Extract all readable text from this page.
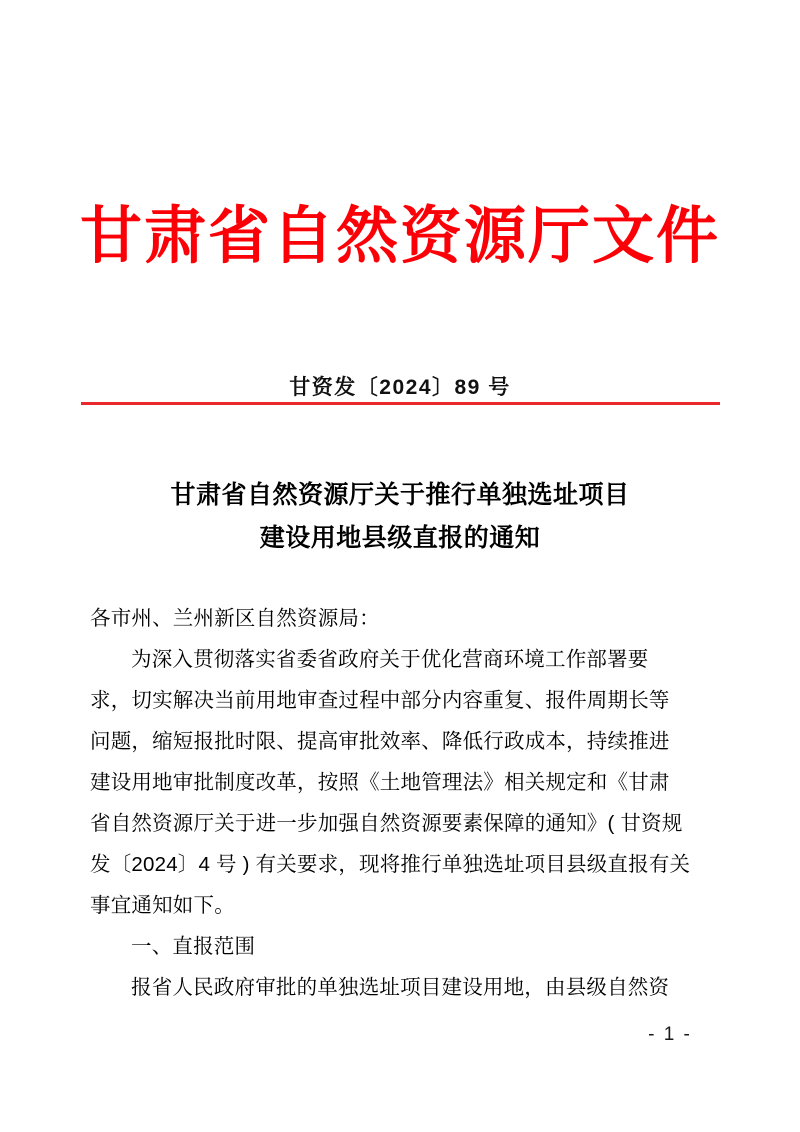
甘肃省自然资源厅文件
甘资发〔2024〕89 号
甘肃省自然资源厅关于推行单独选址项目
建设用地县级直报的通知
各市州、兰州新区自然资源局：
为深入贯彻落实省委省政府关于优化营商环境工作部署要
求，切实解决当前用地审查过程中部分内容重复、报件周期长等
问题，缩短报批时限、提高审批效率、降低行政成本，持续推进
建设用地审批制度改革，按照《土地管理法》相关规定和《甘肃
省自然资源厅关于进一步加强自然资源要素保障的通知》( 甘资规
发〔2024〕4 号 ) 有关要求，现将推行单独选址项目县级直报有关
事宜通知如下。
一、直报范围
报省人民政府审批的单独选址项目建设用地，由县级自然资
- 1 -
